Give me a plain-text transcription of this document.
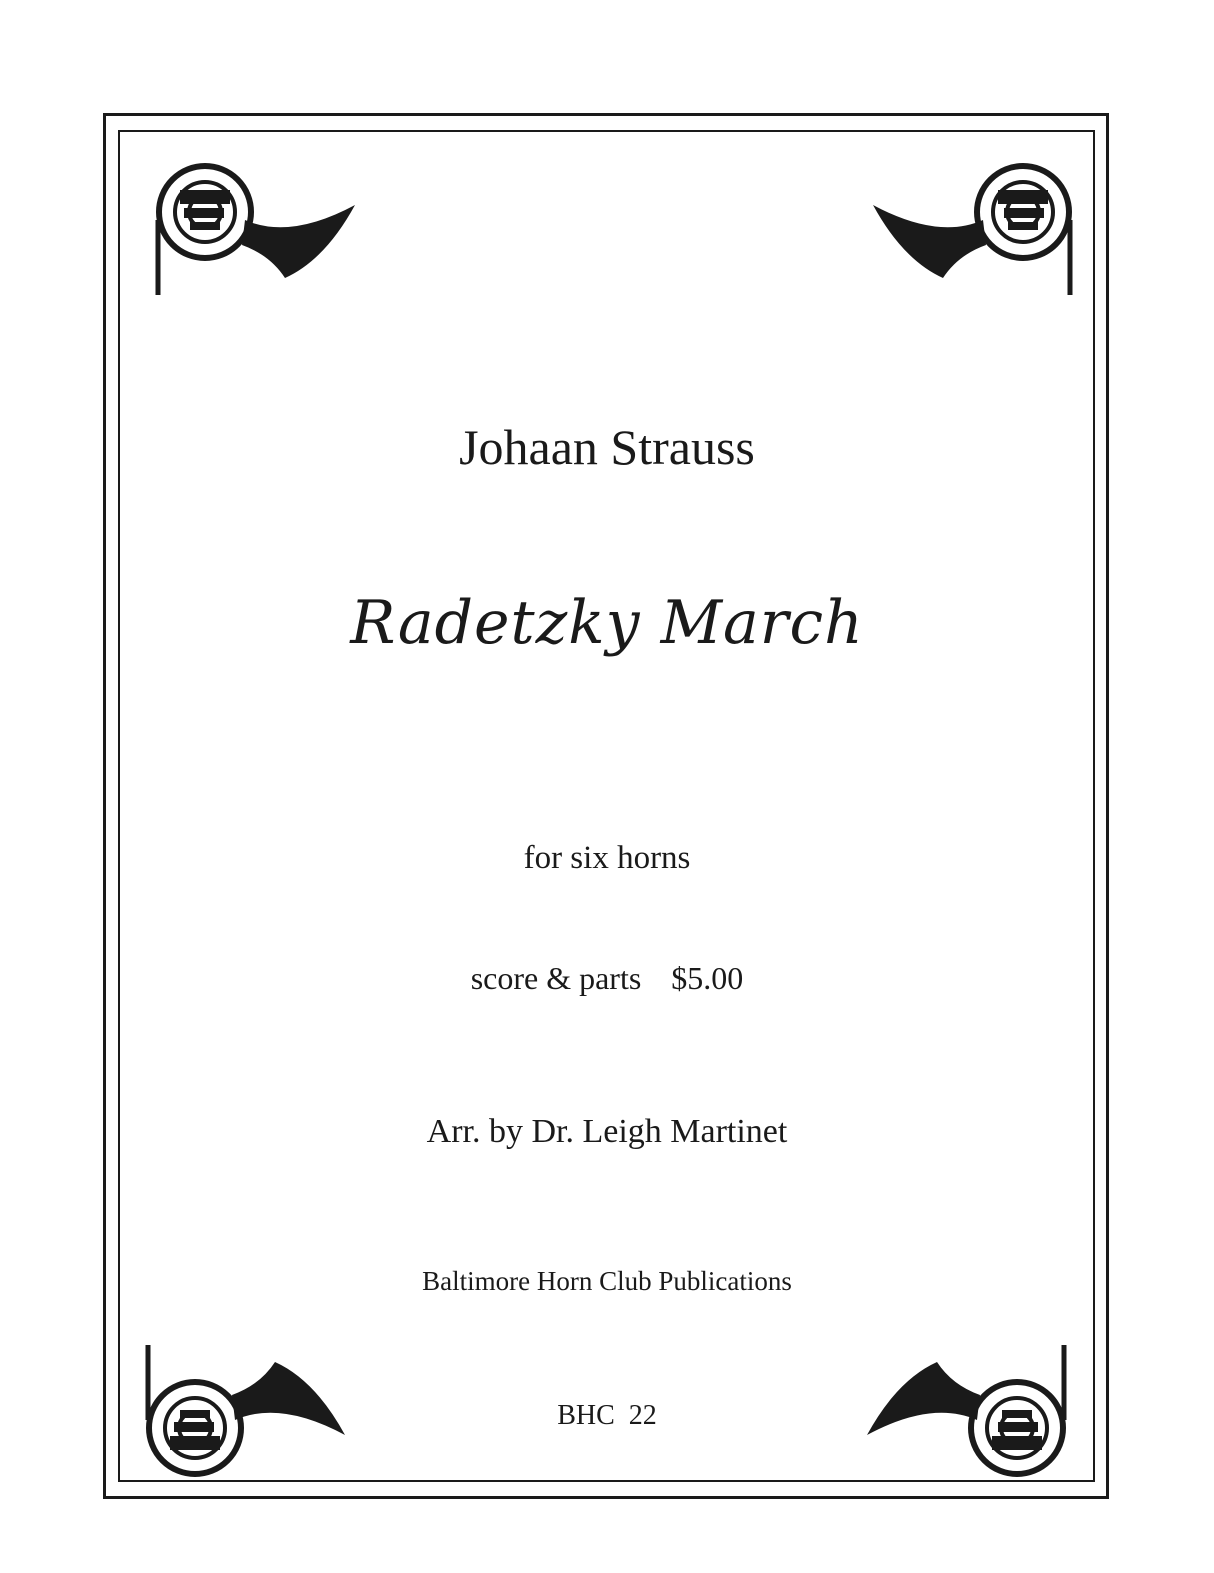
Johaan Strauss
Radetzky March
for six horns
score & parts $5.00
Arr. by Dr. Leigh Martinet
Baltimore Horn Club Publications
BHC 22
